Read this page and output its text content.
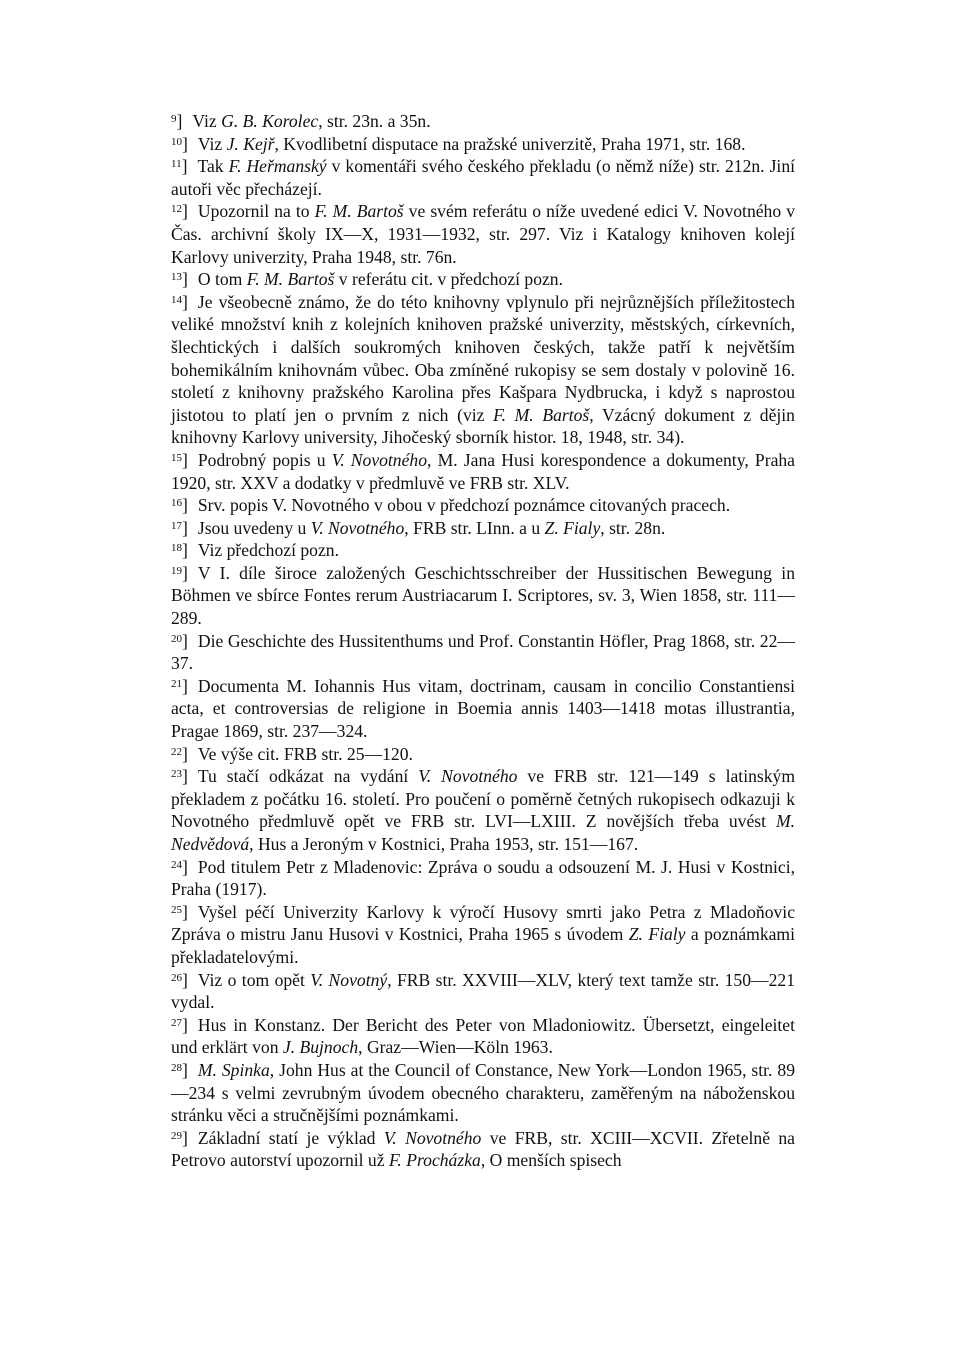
$^9$] Viz G. B. Korolec, str. 23n. a 35n.

$^{10}$] Viz J. Kejř, Kvodlibetní disputace na pražské univerzitě, Praha 1971, str. 168.

$^{11}$] Tak F. Heřmanský v komentáři svého českého překladu (o němž níže) str. 212n. Jiní autoři věc přecházejí.

$^{12}$] Upozornil na to F. M. Bartoš ve svém referátu o níže uvedené edici V. Novotného v Čas. archivní školy IX—X, 1931—1932, str. 297. Viz i Katalogy knihoven kolejí Karlovy univerzity, Praha 1948, str. 76n.

$^{13}$] O tom F. M. Bartoš v referátu cit. v předchozí pozn.

$^{14}$] Je všeobecně známo, že do této knihovny vplynulo při nejrůznějších příležitostech veliké množství knih z kolejních knihoven pražské univerzity, městských, církevních, šlechtických i dalších soukromých knihoven českých, takže patří k největším bohemikálním knihovnám vůbec. Oba zmíněné rukopisy se sem dostaly v polovině 16. století z knihovny pražského Karolina přes Kašpara Nydbrucka, i když s naprostou jistotou to platí jen o prvním z nich (viz F. M. Bartoš, Vzácný dokument z dějin knihovny Karlovy university, Jihočeský sborník histor. 18, 1948, str. 34).

$^{15}$] Podrobný popis u V. Novotného, M. Jana Husi korespondence a dokumenty, Praha 1920, str. XXV a dodatky v předmluvě ve FRB str. XLV.

$^{16}$] Srv. popis V. Novotného v obou v předchozí poznámce citovaných pracech.

$^{17}$] Jsou uvedeny u V. Novotného, FRB str. LInn. a u Z. Fialy, str. 28n.

$^{18}$] Viz předchozí pozn.

$^{19}$] V I. díle široce založených Geschichtsschreiber der Hussitischen Bewegung in Böhmen ve sbírce Fontes rerum Austriacarum I. Scriptores, sv. 3, Wien 1858, str. 111—289.

$^{20}$] Die Geschichte des Hussitenthums und Prof. Constantin Höfler, Prag 1868, str. 22—37.

$^{21}$] Documenta M. Iohannis Hus vitam, doctrinam, causam in concilio Constantiensi acta, et controversias de religione in Boemia annis 1403—1418 motas illustrantia, Pragae 1869, str. 237—324.

$^{22}$] Ve výše cit. FRB str. 25—120.

$^{23}$] Tu stačí odkázat na vydání V. Novotného ve FRB str. 121—149 s latinským překladem z počátku 16. století. Pro poučení o poměrně četných rukopisech odkazuji k Novotného předmluvě opět ve FRB str. LVI—LXIII. Z novějších třeba uvést M. Nedvědová, Hus a Jeroným v Kostnici, Praha 1953, str. 151—167.

$^{24}$] Pod titulem Petr z Mladenovic: Zpráva o soudu a odsouzení M. J. Husi v Kostnici, Praha (1917).

$^{25}$] Vyšel péčí Univerzity Karlovy k výročí Husovy smrti jako Petra z Mladoňovic Zpráva o mistru Janu Husovi v Kostnici, Praha 1965 s úvodem Z. Fialy a poznámkami překladatelovými.

$^{26}$] Viz o tom opět V. Novotný, FRB str. XXVIII—XLV, který text tamže str. 150—221 vydal.

$^{27}$] Hus in Konstanz. Der Bericht des Peter von Mladoniowitz. Übersetzt, eingeleitet und erklärt von J. Bujnoch, Graz—Wien—Köln 1963.

$^{28}$] M. Spinka, John Hus at the Council of Constance, New York—London 1965, str. 89—234 s velmi zevrubným úvodem obecného charakteru, zaměřeným na náboženskou stránku věci a stručnějšími poznámkami.

$^{29}$] Základní statí je výklad V. Novotného ve FRB, str. XCIII—XCVII. Zřetelně na Petrovo autorství upozornil už F. Procházka, O menších spisech
